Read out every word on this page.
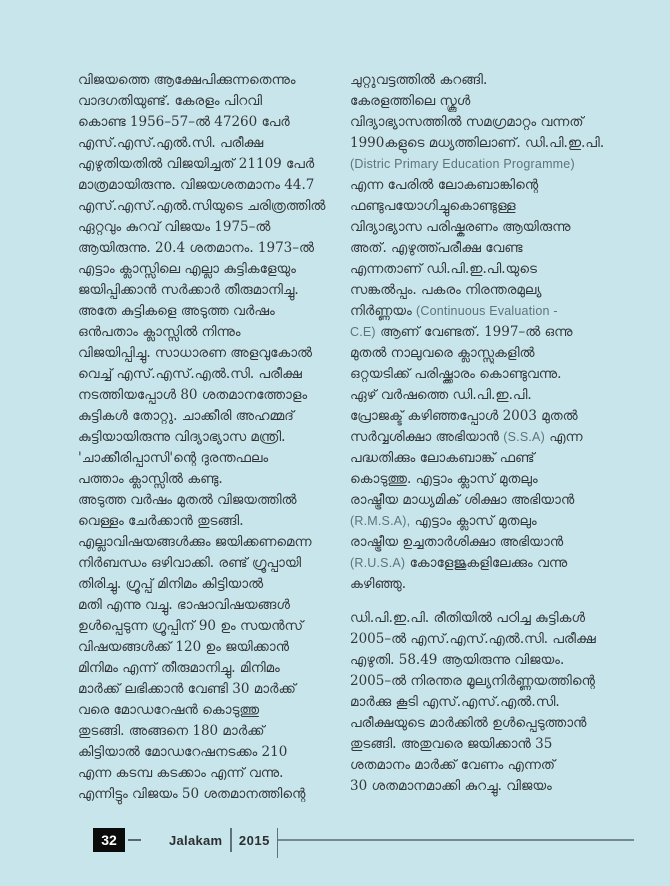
വിജയത്തെ ആക്ഷേപിക്കുന്നതെന്നും
വാദഗതിയുണ്ട്. കേരളം പിറവി
കൊണ്ട 1956–57–ൽ 47260 പേർ
എസ്.എസ്.എൽ.സി. പരീക്ഷ
എഴുതിയതിൽ വിജയിച്ചത് 21109 പേർ
മാത്രമായിരുന്നു. വിജയശതമാനം 44.7
എസ്.എസ്.എൽ.സിയുടെ ചരിത്രത്തിൽ
ഏറ്റവും കുറവ് വിജയം 1975–ൽ
ആയിരുന്നു. 20.4 ശതമാനം. 1973–ൽ
എട്ടാം ക്ലാസ്സിലെ എല്ലാ കുട്ടികളേയും
ജയിപ്പിക്കാൻ സർക്കാർ തീരുമാനിച്ചു.
അതേ കുട്ടികളെ അടുത്ത വർഷം
ഒൻപതാം ക്ലാസ്സിൽ നിന്നും
വിജയിപ്പിച്ചു. സാധാരണ അളവുകോൽ
വെച്ച് എസ്.എസ്.എൽ.സി. പരീക്ഷ
നടത്തിയപ്പോൾ 80 ശതമാനത്തോളം
കുട്ടികൾ തോറ്റു. ചാക്കീരി അഹമ്മദ്
കുട്ടിയായിരുന്നു വിദ്യാഭ്യാസ മന്ത്രി.
'ചാക്കീരിപ്പാസി'ന്റെ ദുരന്തഫലം
പത്താം ക്ലാസ്സിൽ കണ്ടു.
അടുത്ത വർഷം മുതൽ വിജയത്തിൽ
വെള്ളം ചേർക്കാൻ തുടങ്ങി.
എല്ലാവിഷയങ്ങൾക്കും ജയിക്കണമെന്ന
നിർബന്ധം ഒഴിവാക്കി. രണ്ട് ഗ്രൂപ്പായി
തിരിച്ചു. ഗ്രൂപ്പ് മിനിമം കിട്ടിയാൽ
മതി എന്നു വച്ചു. ഭാഷാവിഷയങ്ങൾ
ഉൾപ്പെടുന്ന ഗ്രൂപ്പിന് 90 ഉം സയൻസ്
വിഷയങ്ങൾക്ക് 120 ഉം ജയിക്കാൻ
മിനിമം എന്ന് തീരുമാനിച്ചു. മിനിമം
മാർക്ക് ലഭിക്കാൻ വേണ്ടി 30 മാർക്ക്
വരെ മോഡറേഷൻ കൊടുത്തു
തുടങ്ങി. അങ്ങനെ 180 മാർക്ക്
കിട്ടിയാൽ മോഡറേഷനടക്കം 210
എന്ന കടമ്പ കടക്കാം എന്ന് വന്നു.
എന്നിട്ടും വിജയം 50 ശതമാനത്തിന്റെ
ചുറ്റുവട്ടത്തിൽ കറങ്ങി.
കേരളത്തിലെ സ്കൂൾ
വിദ്യാഭ്യാസത്തിൽ സമഗ്രമാറ്റം വന്നത്
1990കളുടെ മധ്യത്തിലാണ്. ഡി.പി.ഇ.പി.
(Distric Primary Education Programme)
എന്ന പേരിൽ ലോകബാങ്കിന്റെ
ഫണ്ടുപയോഗിച്ചുകൊണ്ടുള്ള
വിദ്യാഭ്യാസ പരിഷ്കരണം ആയിരുന്നു
അത്. എഴുത്ത്പരീക്ഷ വേണ്ട
എന്നതാണ് ഡി.പി.ഇ.പി.യുടെ
സങ്കൽപ്പം. പകരം നിരന്തരമുല്യ
നിർണ്ണയം (Continuous Evaluation -
C.E) ആണ് വേണ്ടത്. 1997–ൽ ഒന്നു
മുതൽ നാലുവരെ ക്ലാസ്സുകളിൽ
ഒറ്റയടിക്ക് പരിഷ്ക്കാരം കൊണ്ടുവന്നു.
ഏഴ് വർഷത്തെ ഡി.പി.ഇ.പി.
പ്രോജക്ട് കഴിഞ്ഞപ്പോൾ 2003 മുതൽ
സർവ്വശിക്ഷാ അഭിയാൻ (S.S.A) എന്ന
പദ്ധതിക്കും ലോകബാങ്ക് ഫണ്ട്
കൊടുത്തു. എട്ടാം ക്ലാസ് മുതലും
രാഷ്ട്രീയ മാധ്യമിക് ശിക്ഷാ അഭിയാൻ
(R.M.S.A), എട്ടാം ക്ലാസ് മുതലും
രാഷ്ട്രീയ ഉച്ചതാർശിക്ഷാ അഭിയാൻ
(R.U.S.A) കോളേജുകളിലേക്കും വന്നു
കഴിഞ്ഞു.
ഡി.പി.ഇ.പി. രീതിയിൽ പഠിച്ച കുട്ടികൾ
2005–ൽ എസ്.എസ്.എൽ.സി. പരീക്ഷ
എഴുതി. 58.49 ആയിരുന്നു വിജയം.
2005–ൽ നിരന്തര മൂല്യനിർണ്ണയത്തിന്റെ
മാർക്കു കൂടി എസ്.എസ്.എൽ.സി.
പരീക്ഷയുടെ മാർക്കിൽ ഉൾപ്പെടുത്താൻ
തുടങ്ങി. അതുവരെ ജയിക്കാൻ 35
ശതമാനം മാർക്ക് വേണം എന്നത്
30 ശതമാനമാക്കി കുറച്ചു. വിജയം
32	Jalakam 2015
